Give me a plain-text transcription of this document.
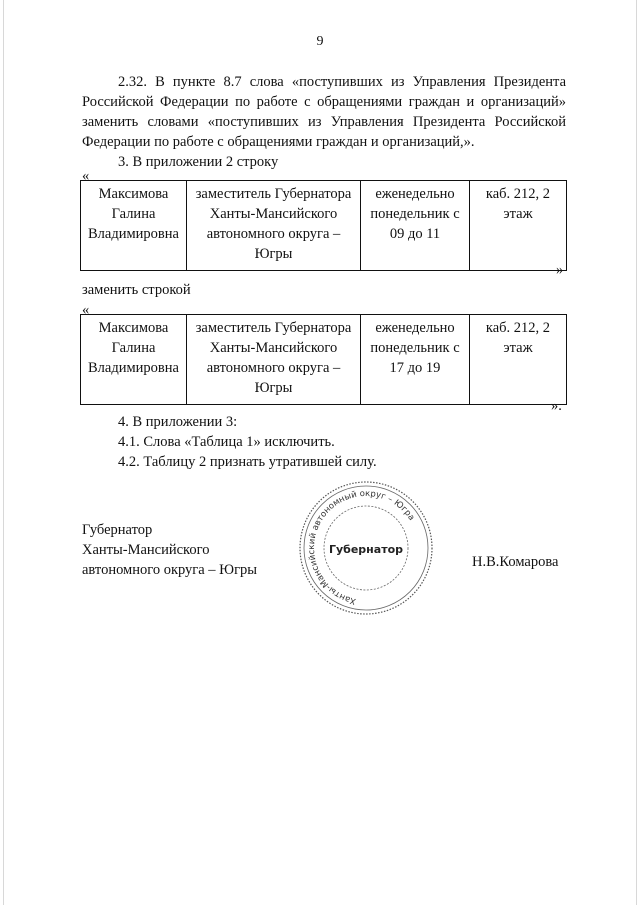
9
2.32. В пункте 8.7 слова «поступивших из Управления Президента Российской Федерации по работе с обращениями граждан и организаций» заменить словами «поступивших из Управления Президента Российской Федерации по работе с обращениями граждан и организаций,».
3. В приложении 2 строку
«
Максимова Галина Владимировна	заместитель Губернатора Ханты-Мансийского автономного округа – Югры	еженедельно понедельник с 09 до 11	каб. 212, 2 этаж
»
заменить строкой
«
Максимова Галина Владимировна	заместитель Губернатора Ханты-Мансийского автономного округа – Югры	еженедельно понедельник с 17 до 19	каб. 212, 2 этаж
».
4. В приложении 3:
4.1. Слова «Таблица 1» исключить.
4.2. Таблицу 2 признать утратившей силу.
Губернатор
Ханты-Мансийского
автономного округа – Югры	Н.В.Комарова
Ханты-Мансийский автономный округ – Югра
Губернатор
